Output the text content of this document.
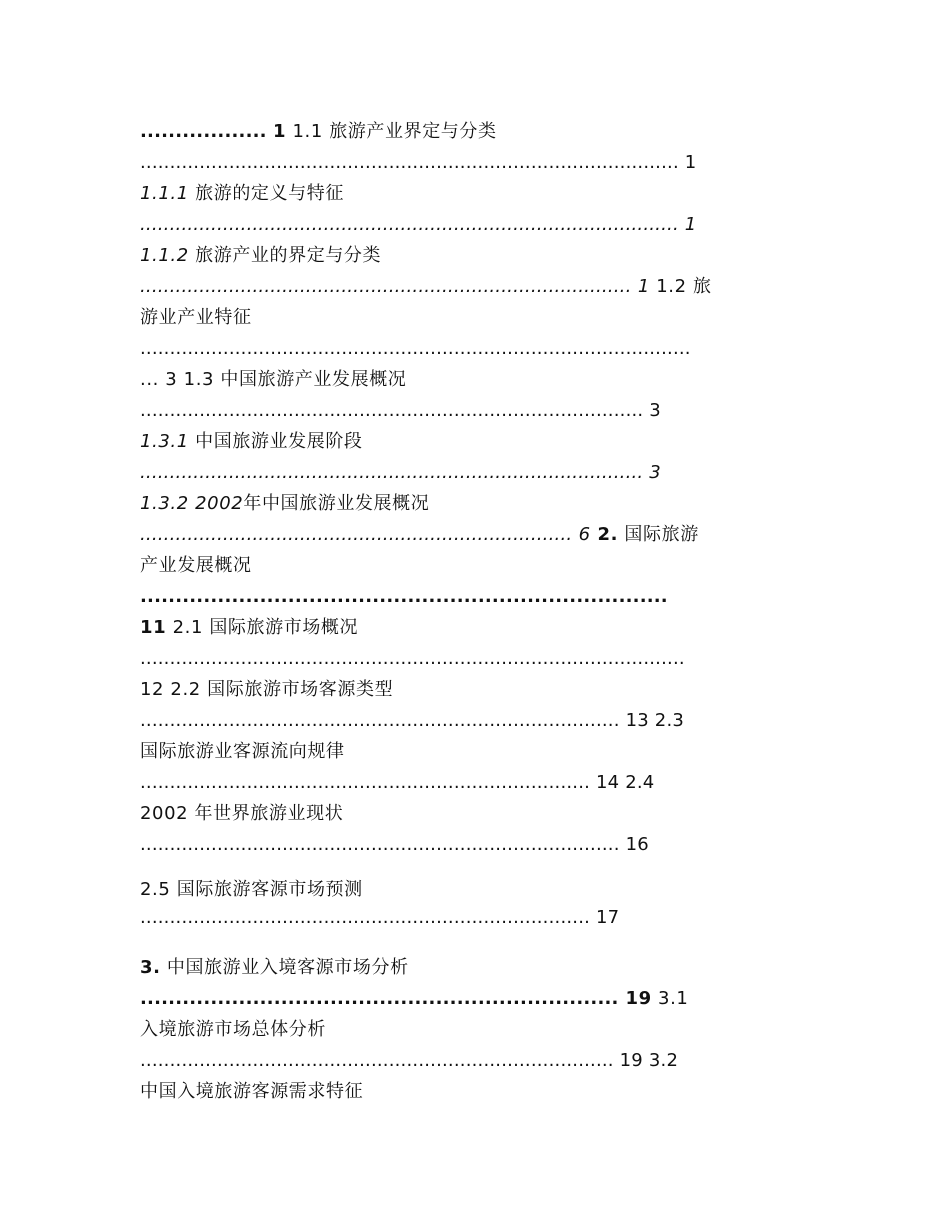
.................. 1 1.1 旅游产业界定与分类
........................................................................................... 1
1.1.1 旅游的定义与特征
........................................................................................... 1
1.1.2 旅游产业的界定与分类
................................................................................... 1 1.2 旅
游业产业特征
.............................................................................................
... 3 1.3 中国旅游产业发展概况
..................................................................................... 3
1.3.1 中国旅游业发展阶段
..................................................................................... 3
1.3.2 2002年中国旅游业发展概况
......................................................................... 6 2. 国际旅游
产业发展概况
...........................................................................
11 2.1 国际旅游市场概况
............................................................................................
12 2.2 国际旅游市场客源类型
................................................................................. 13 2.3
国际旅游业客源流向规律
............................................................................ 14 2.4
2002 年世界旅游业现状
................................................................................. 16
2.5 国际旅游客源市场预测
............................................................................ 17
3. 中国旅游业入境客源市场分析
.................................................................... 19 3.1
入境旅游市场总体分析
................................................................................ 19 3.2
中国入境旅游客源需求特征
